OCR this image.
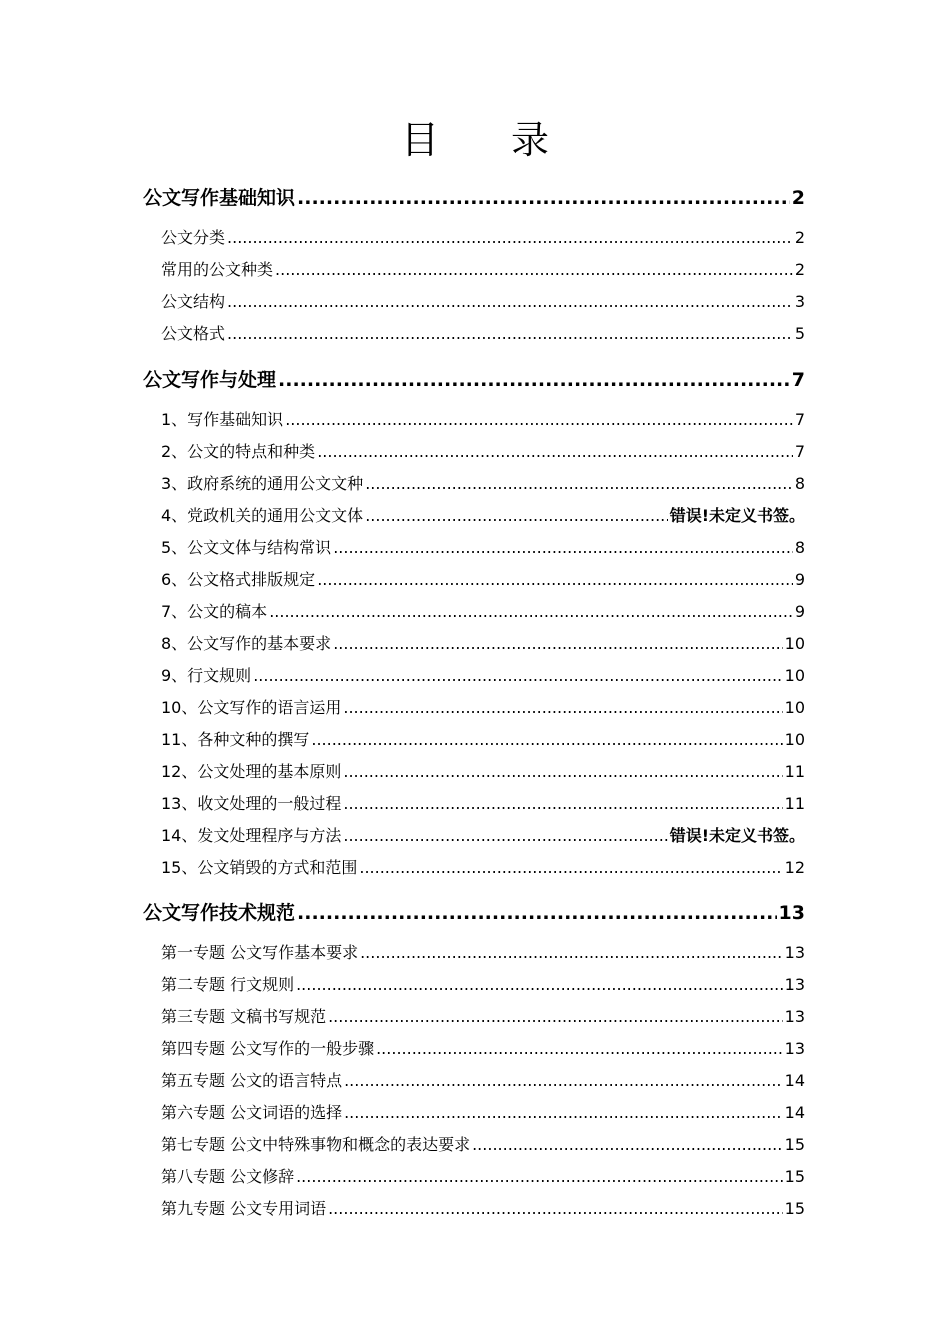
目 录
公文写作基础知识 .....	2
公文分类 .....	2
常用的公文种类 .....	2
公文结构 .....	3
公文格式 .....	5
公文写作与处理 .....	7
1、写作基础知识 .....	7
2、公文的特点和种类 .....	7
3、政府系统的通用公文文种 .....	8
4、党政机关的通用公文文体 .....	错误!未定义书签。
5、公文文体与结构常识 .....	8
6、公文格式排版规定 .....	9
7、公文的稿本 .....	9
8、公文写作的基本要求 .....	10
9、行文规则 .....	10
10、公文写作的语言运用 .....	10
11、各种文种的撰写 .....	10
12、公文处理的基本原则 .....	11
13、收文处理的一般过程 .....	11
14、发文处理程序与方法 .....	错误!未定义书签。
15、公文销毁的方式和范围 .....	12
公文写作技术规范 .....	13
第一专题 公文写作基本要求 .....	13
第二专题 行文规则 .....	13
第三专题 文稿书写规范 .....	13
第四专题 公文写作的一般步骤 .....	13
第五专题 公文的语言特点 .....	14
第六专题 公文词语的选择 .....	14
第七专题 公文中特殊事物和概念的表达要求 .....	15
第八专题 公文修辞 .....	15
第九专题 公文专用词语 .....	15
